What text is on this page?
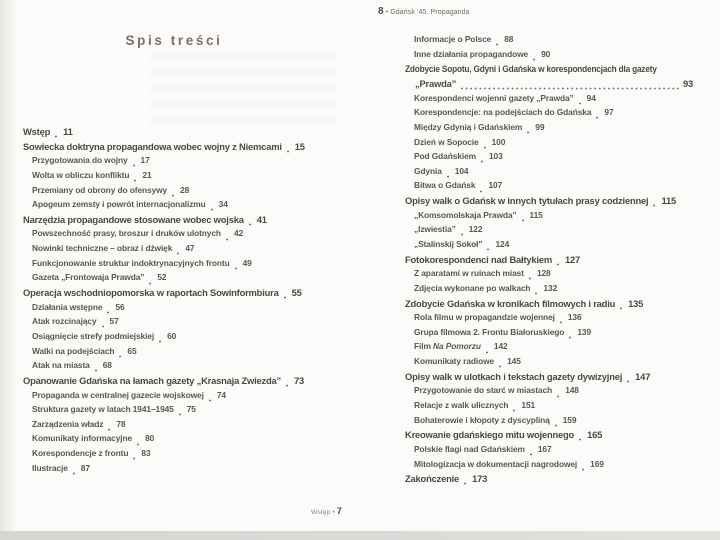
Spis treści
Wstęp 11
Sowiecka doktryna propagandowa wobec wojny z Niemcami 15
Przygotowania do wojny 17
Wolta w obliczu konfliktu 21
Przemiany od obrony do ofensywy 28
Apogeum zemsty i powrót internacjonalizmu 34
Narzędzia propagandowe stosowane wobec wojska 41
Powszechność prasy, broszur i druków ulotnych 42
Nowinki techniczne – obraz i dźwięk 47
Funkcjonowanie struktur indoktrynacyjnych frontu 49
Gazeta „Frontowaja Prawda” 52
Operacja wschodniopomorska w raportach Sowinformbiura 55
Działania wstępne 56
Atak rozcinający 57
Osiągnięcie strefy podmiejskiej 60
Walki na podejściach 65
Atak na miasta 68
Opanowanie Gdańska na łamach gazety „Krasnaja Zwiezda” 73
Propaganda w centralnej gazecie wojskowej 74
Struktura gazety w latach 1941–1945 75
Zarządzenia władz 78
Komunikaty informacyjne 80
Korespondencje z frontu 83
Ilustracje 87
Informacje o Polsce 88
Inne działania propagandowe 90
Zdobycie Sopotu, Gdyni i Gdańska w korespondencjach dla gazety
„Prawda”	93
Korespondenci wojenni gazety „Prawda” 94
Korespondencje: na podejściach do Gdańska 97
Między Gdynią i Gdańskiem 99
Dzień w Sopocie 100
Pod Gdańskiem 103
Gdynia 104
Bitwa o Gdańsk 107
Opisy walk o Gdańsk w innych tytułach prasy codziennej 115
„Komsomolskaja Prawda” 115
„Izwiestia” 122
„Stalinskij Sokoł” 124
Fotokorespondenci nad Bałtykiem 127
Z aparatami w ruinach miast 128
Zdjęcia wykonane po walkach 132
Zdobycie Gdańska w kronikach filmowych i radiu 135
Rola filmu w propagandzie wojennej 136
Grupa filmowa 2. Frontu Białoruskiego 139
Film Na Pomorzu 142
Komunikaty radiowe 145
Opisy walk w ulotkach i tekstach gazety dywizyjnej 147
Przygotowanie do starć w miastach 148
Relacje z walk ulicznych 151
Bohaterowie i kłopoty z dyscypliną 159
Kreowanie gdańskiego mitu wojennego 165
Polskie flagi nad Gdańskiem 167
Mitologizacja w dokumentacji nagrodowej 169
Zakończenie 173
8 • Gdańsk '45. Propaganda
Wstęp • 7
